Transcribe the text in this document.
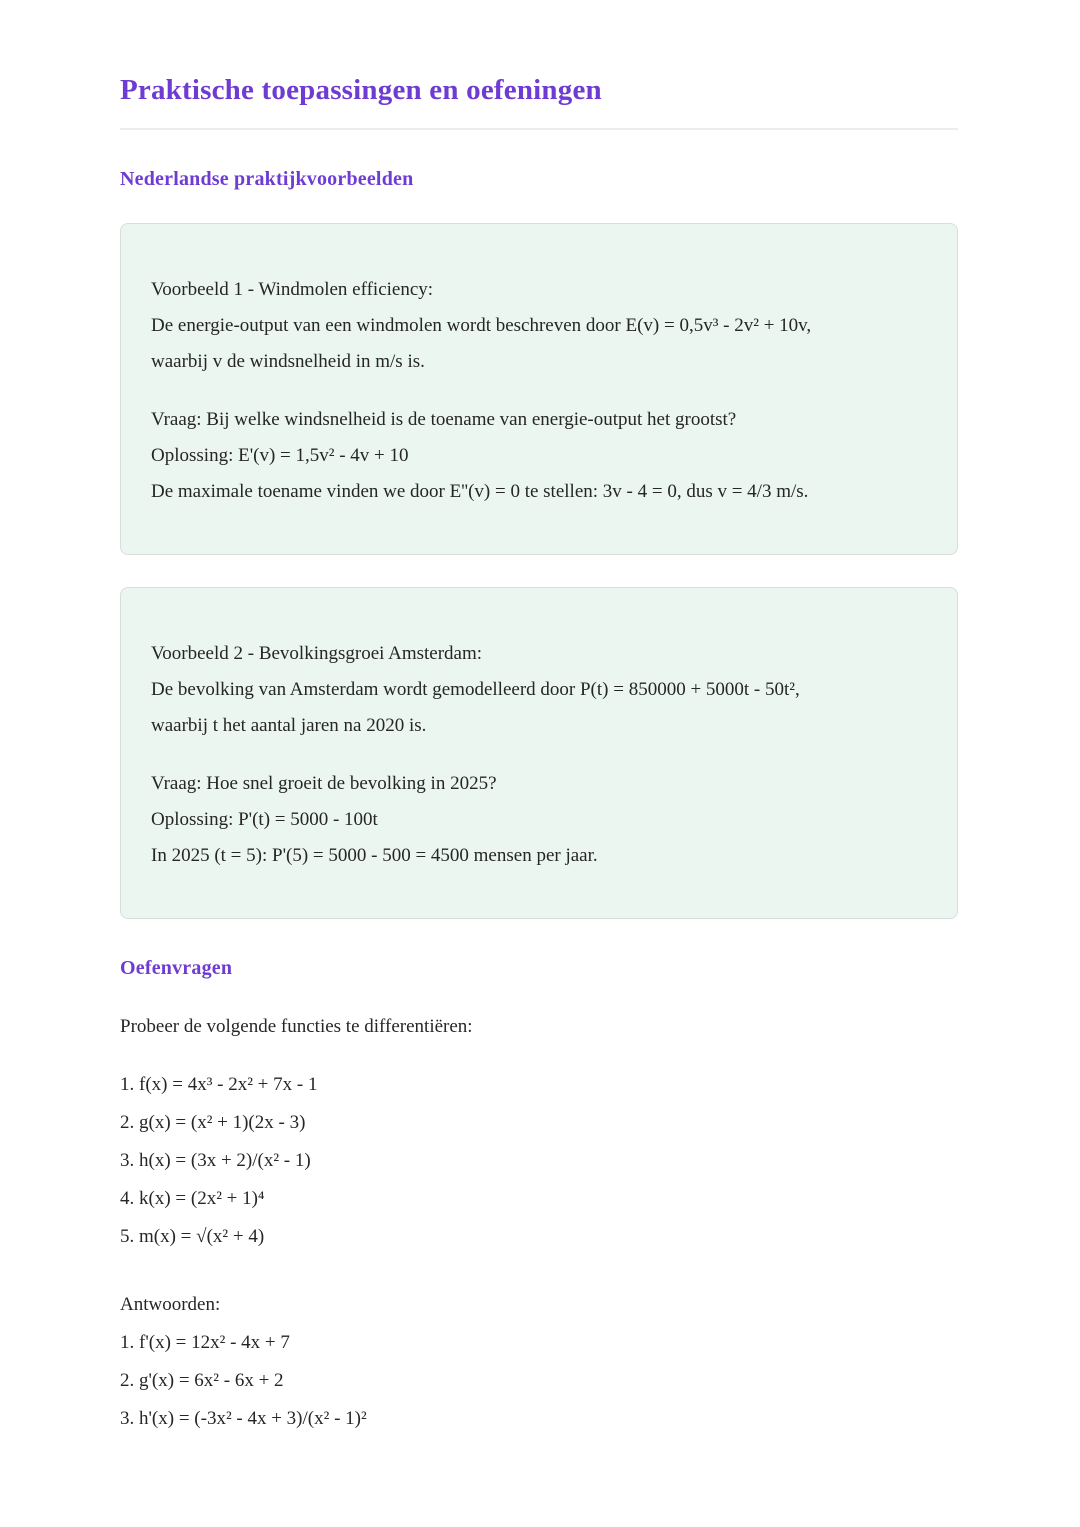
Praktische toepassingen en oefeningen
Nederlandse praktijkvoorbeelden

Voorbeeld 1 - Windmolen efficiency:
De energie-output van een windmolen wordt beschreven door E(v) = 0,5v³ - 2v² + 10v,
waarbij v de windsnelheid in m/s is.

Vraag: Bij welke windsnelheid is de toename van energie-output het grootst?
Oplossing: E'(v) = 1,5v² - 4v + 10
De maximale toename vinden we door E''(v) = 0 te stellen: 3v - 4 = 0, dus v = 4/3 m/s.

Voorbeeld 2 - Bevolkingsgroei Amsterdam:
De bevolking van Amsterdam wordt gemodelleerd door P(t) = 850000 + 5000t - 50t²,
waarbij t het aantal jaren na 2020 is.

Vraag: Hoe snel groeit de bevolking in 2025?
Oplossing: P'(t) = 5000 - 100t
In 2025 (t = 5): P'(5) = 5000 - 500 = 4500 mensen per jaar.

Oefenvragen

Probeer de volgende functies te differentiëren:

1. f(x) = 4x³ - 2x² + 7x - 1
2. g(x) = (x² + 1)(2x - 3)
3. h(x) = (3x + 2)/(x² - 1)
4. k(x) = (2x² + 1)⁴
5. m(x) = √(x² + 4)

Antwoorden:

1. f'(x) = 12x² - 4x + 7
2. g'(x) = 6x² - 6x + 2
3. h'(x) = (-3x² - 4x + 3)/(x² - 1)²
